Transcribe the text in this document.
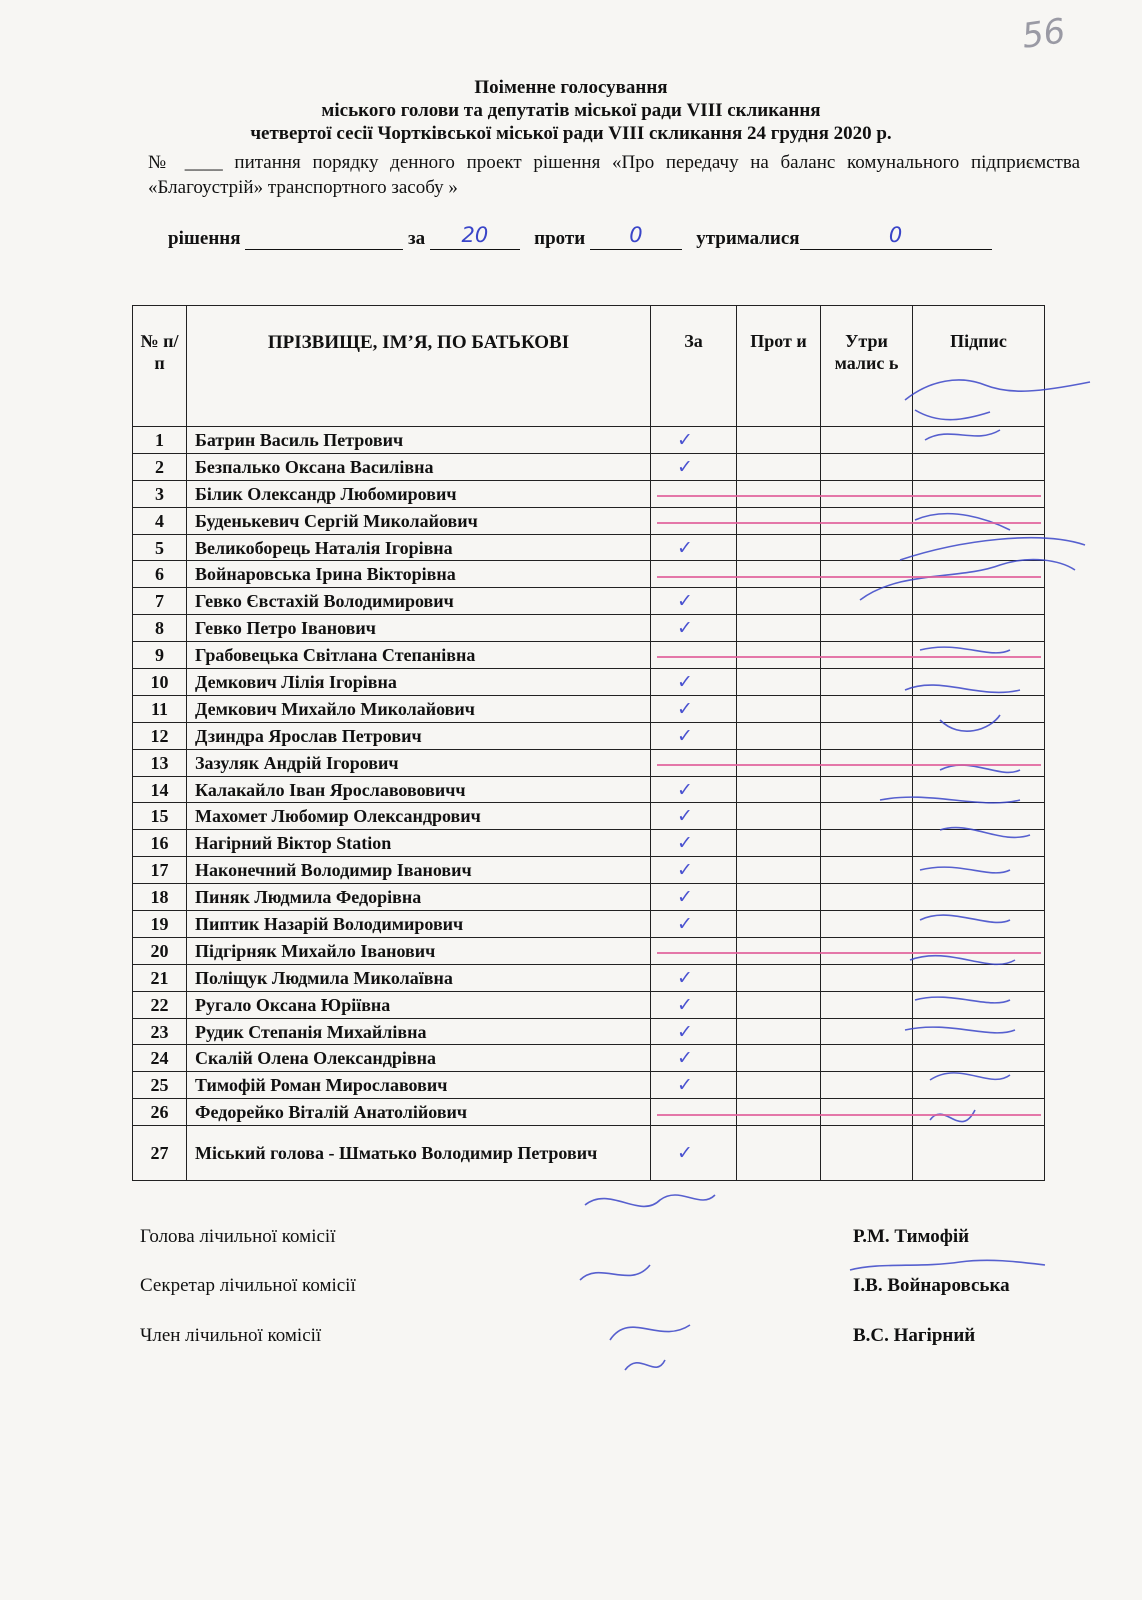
56
Поіменне голосування
міського голови та депутатів міської ради VIII скликання
четвертої сесії Чортківської міської ради VIII скликання 24 грудня 2020 р.
№ ____ питання порядку денного проект рішення «Про передачу на баланс комунального підприємства «Благоустрій» транспортного засобу »
рішення	за	20	проти	0	утрималися	0
№ п/п	ПРІЗВИЩЕ, ІМ’Я, ПО БАТЬКОВІ	За	Прот и	Утри малис ь	Підпис
1	Батрин Василь Петрович	✓			
2	Безпалько Оксана Василівна	✓			
3	Білик Олександр Любомирович				
4	Буденькевич Сергій Миколайович				
5	Великоборець Наталія Ігорівна	✓			
6	Войнаровська Ірина Вікторівна				
7	Гевко Євстахій Володимирович	✓			
8	Гевко Петро Іванович	✓			
9	Грабовецька Світлана Степанівна				
10	Демкович Лілія Ігорівна	✓			
11	Демкович Михайло Миколайович	✓			
12	Дзиндра Ярослав Петрович	✓			
13	Зазуляк Андрій Ігорович				
14	Калакайло Іван Ярославововичч	✓			
15	Махомет Любомир Олександрович	✓			
16	Нагірний Віктор Station	✓			
17	Наконечний Володимир Іванович	✓			
18	Пиняк Людмила Федорівна	✓			
19	Пиптик Назарій Володимирович	✓			
20	Підгірняк Михайло Іванович				
21	Поліщук Людмила Миколаївна	✓			
22	Ругало Оксана Юріївна	✓			
23	Рудик Степанія Михайлівна	✓			
24	Скалій Олена Олександрівна	✓			
25	Тимофій Роман Мирославович	✓			
26	Федорейко Віталій Анатолійович				
27	Міський голова - Шматько Володимир Петрович	✓			
Голова лічильної комісії	Р.М. Тимофій
Секретар лічильної комісії	І.В. Войнаровська
Член лічильної комісії	В.С. Нагірний
